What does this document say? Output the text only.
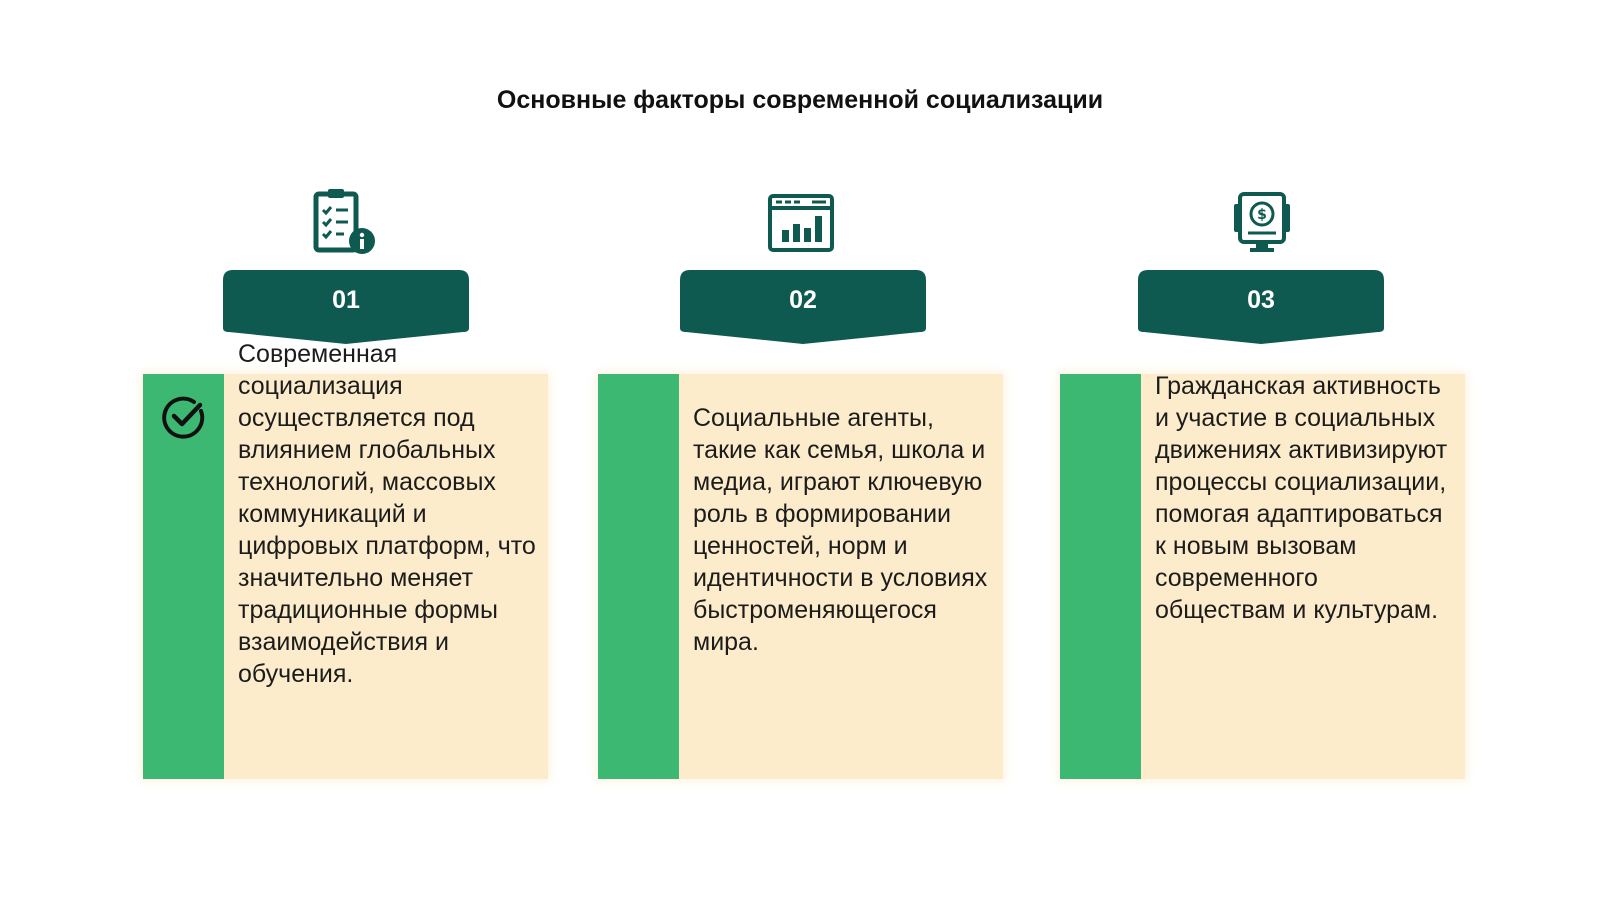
Основные факторы современной социализации
01
Современная социализация осуществляется под влиянием глобальных технологий, массовых коммуникаций и цифровых платформ, что значительно меняет традиционные формы взаимодействия и обучения.
02
Социальные агенты, такие как семья, школа и медиа, играют ключевую роль в формировании ценностей, норм и идентичности в условиях быстроменяющегося мира.
$
03
Гражданская активность и участие в социальных движениях активизируют процессы социализации, помогая адаптироваться к новым вызовам современного обществам и культурам.
